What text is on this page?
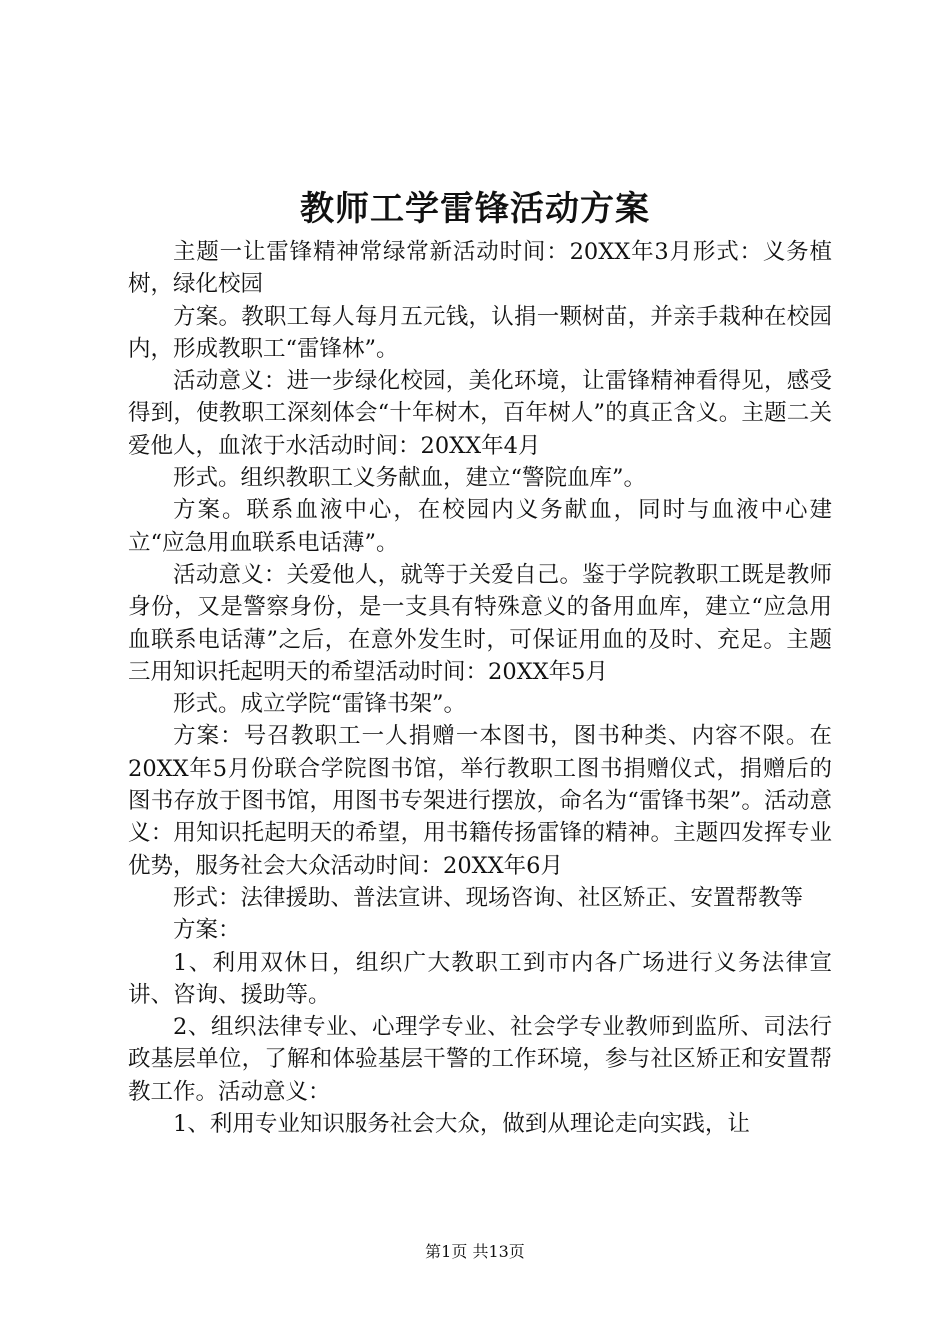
教师工学雷锋活动方案

主题一让雷锋精神常绿常新活动时间：20XX年3月形式：义务植树，绿化校园

方案。教职工每人每月五元钱，认捐一颗树苗，并亲手栽种在校园内，形成教职工“雷锋林”。

活动意义：进一步绿化校园，美化环境，让雷锋精神看得见，感受得到，使教职工深刻体会“十年树木，百年树人”的真正含义。主题二关爱他人，血浓于水活动时间：20XX年4月

形式。组织教职工义务献血，建立“警院血库”。

方案。联系血液中心，在校园内义务献血，同时与血液中心建立“应急用血联系电话薄”。

活动意义：关爱他人，就等于关爱自己。鉴于学院教职工既是教师身份，又是警察身份，是一支具有特殊意义的备用血库，建立“应急用血联系电话薄”之后，在意外发生时，可保证用血的及时、充足。主题三用知识托起明天的希望活动时间：20XX年5月

形式。成立学院“雷锋书架”。

方案：号召教职工一人捐赠一本图书，图书种类、内容不限。在20XX年5月份联合学院图书馆，举行教职工图书捐赠仪式，捐赠后的图书存放于图书馆，用图书专架进行摆放，命名为“雷锋书架”。活动意义：用知识托起明天的希望，用书籍传扬雷锋的精神。主题四发挥专业优势，服务社会大众活动时间：20XX年6月

形式：法律援助、普法宣讲、现场咨询、社区矫正、安置帮教等

方案：

1、利用双休日，组织广大教职工到市内各广场进行义务法律宣讲、咨询、援助等。

2、组织法律专业、心理学专业、社会学专业教师到监所、司法行政基层单位，了解和体验基层干警的工作环境，参与社区矫正和安置帮教工作。活动意义：

1、利用专业知识服务社会大众，做到从理论走向实践，让

第1页 共13页
